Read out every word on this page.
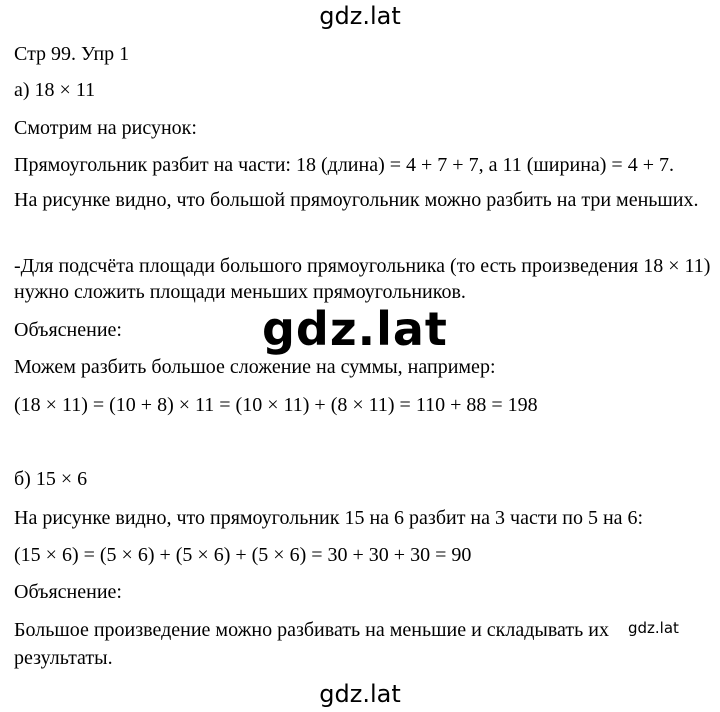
gdz.lat
Стр 99. Упр 1
а) 18 × 11
Смотрим на рисунок:
Прямоугольник разбит на части: 18 (длина) = 4 + 7 + 7, а 11 (ширина) = 4 + 7.
На рисунке видно, что большой прямоугольник можно разбить на три меньших.
-Для подсчёта площади большого прямоугольника (то есть произведения 18 × 11) нужно сложить площади меньших прямоугольников.
Объяснение:	gdz.lat
Можем разбить большое сложение на суммы, например:
(18 × 11) = (10 + 8) × 11 = (10 × 11) + (8 × 11) = 110 + 88 = 198
б) 15 × 6
На рисунке видно, что прямоугольник 15 на 6 разбит на 3 части по 5 на 6:
(15 × 6) = (5 × 6) + (5 × 6) + (5 × 6) = 30 + 30 + 30 = 90
Объяснение:
Большое произведение можно разбивать на меньшие и складывать их
результаты.
gdz.lat
gdz.lat
